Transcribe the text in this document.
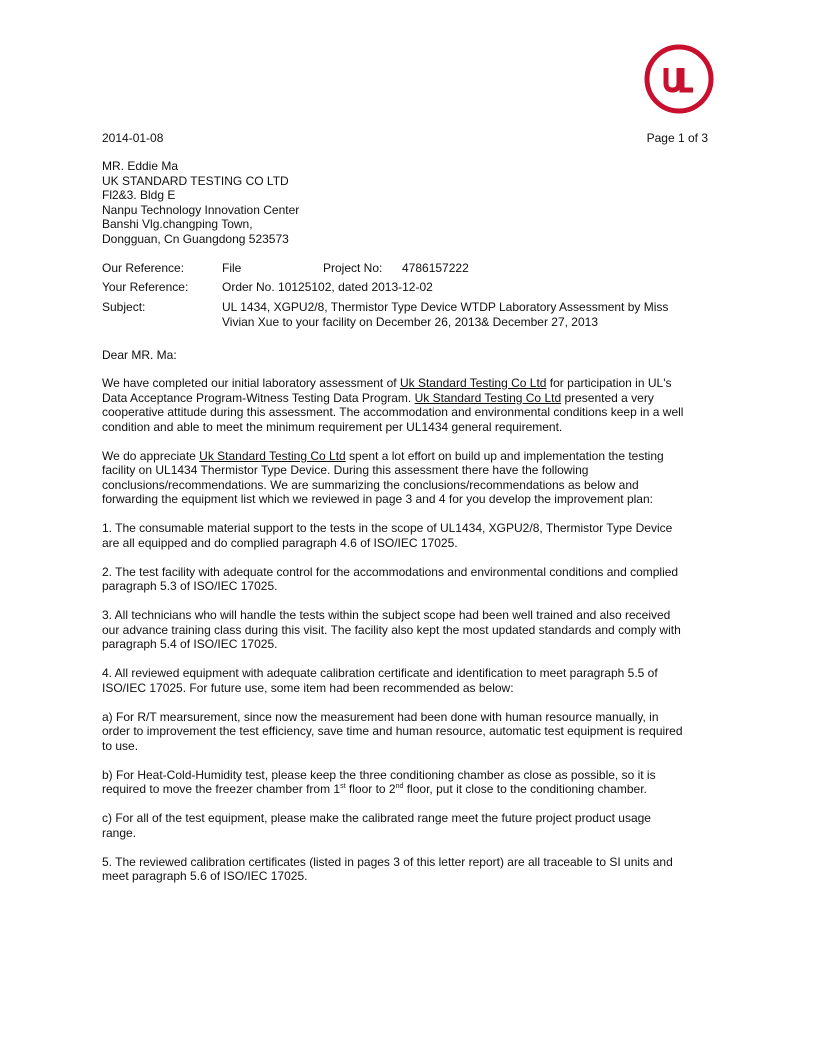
UL
2014-01-08	Page 1 of 3
MR. Eddie Ma
UK STANDARD TESTING CO LTD
Fl2&3. Bldg E
Nanpu Technology Innovation Center
Banshi Vlg.changping Town,
Dongguan, Cn Guangdong 523573
Our Reference:	File	Project No: 4786157222
Your Reference:	Order No. 10125102, dated 2013-12-02
Subject:	UL 1434, XGPU2/8, Thermistor Type Device WTDP Laboratory Assessment by Miss
Vivian Xue to your facility on December 26, 2013& December 27, 2013
Dear MR. Ma:
We have completed our initial laboratory assessment of Uk Standard Testing Co Ltd for participation in UL's
Data Acceptance Program-Witness Testing Data Program. Uk Standard Testing Co Ltd presented a very
cooperative attitude during this assessment. The accommodation and environmental conditions keep in a well
condition and able to meet the minimum requirement per UL1434 general requirement.
We do appreciate Uk Standard Testing Co Ltd spent a lot effort on build up and implementation the testing
facility on UL1434 Thermistor Type Device. During this assessment there have the following
conclusions/recommendations. We are summarizing the conclusions/recommendations as below and
forwarding the equipment list which we reviewed in page 3 and 4 for you develop the improvement plan:
1. The consumable material support to the tests in the scope of UL1434, XGPU2/8, Thermistor Type Device
are all equipped and do complied paragraph 4.6 of ISO/IEC 17025.
2. The test facility with adequate control for the accommodations and environmental conditions and complied
paragraph 5.3 of ISO/IEC 17025.
3. All technicians who will handle the tests within the subject scope had been well trained and also received
our advance training class during this visit. The facility also kept the most updated standards and comply with
paragraph 5.4 of ISO/IEC 17025.
4. All reviewed equipment with adequate calibration certificate and identification to meet paragraph 5.5 of
ISO/IEC 17025. For future use, some item had been recommended as below:
a) For R/T mearsurement, since now the measurement had been done with human resource manually, in
order to improvement the test efficiency, save time and human resource, automatic test equipment is required
to use.
b) For Heat-Cold-Humidity test, please keep the three conditioning chamber as close as possible, so it is
required to move the freezer chamber from 1st floor to 2nd floor, put it close to the conditioning chamber.
c) For all of the test equipment, please make the calibrated range meet the future project product usage
range.
5. The reviewed calibration certificates (listed in pages 3 of this letter report) are all traceable to SI units and
meet paragraph 5.6 of ISO/IEC 17025.
